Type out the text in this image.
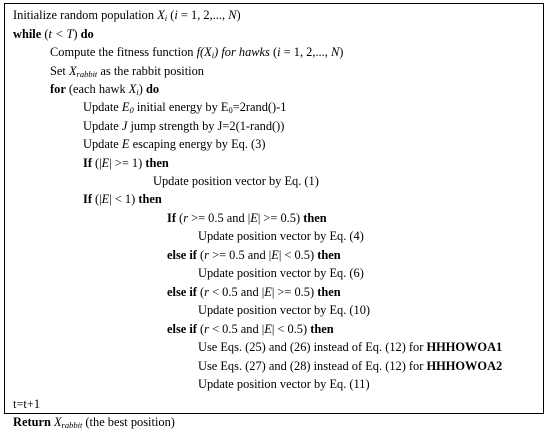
Initialize random population $X_i$ (i = 1, 2,..., N)
while (t < T) do
Compute the fitness function $f(X_i)$ for hawks (i = 1, 2,..., N)
Set $X_{rabbit}$ as the rabbit position
for (each hawk $X_i$) do
Update $E_0$ initial energy by $E_0=2rand()-1$
Update J jump strength by J=2(1-rand())
Update E escaping energy by Eq. (3)
If (|E| >= 1) then
Update position vector by Eq. (1)
If (|E| < 1) then
If (r >= 0.5 and |E| >= 0.5) then
Update position vector by Eq. (4)
else if (r >= 0.5 and |E| < 0.5) then
Update position vector by Eq. (6)
else if (r < 0.5 and |E| >= 0.5) then
Update position vector by Eq. (10)
else if (r < 0.5 and |E| < 0.5) then
Use Eqs. (25) and (26) instead of Eq. (12) for HHHOWOA1
Use Eqs. (27) and (28) instead of Eq. (12) for HHHOWOA2
Update position vector by Eq. (11)
t=t+1
Return $X_{rabbit}$ (the best position)
